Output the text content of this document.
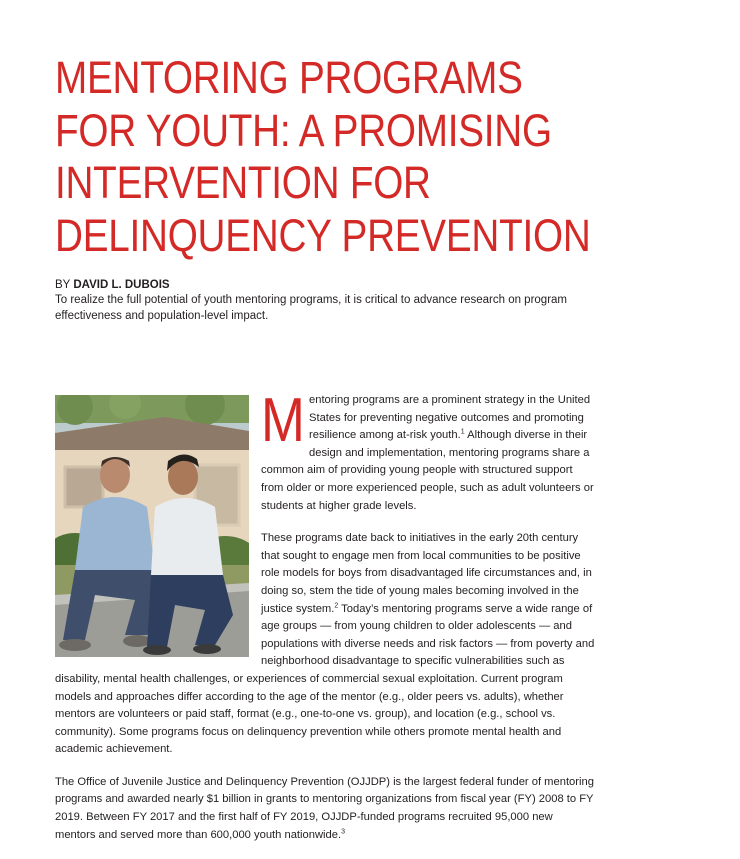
MENTORING PROGRAMS
FOR YOUTH: A PROMISING
INTERVENTION FOR
DELINQUENCY PREVENTION
BY DAVID L. DUBOIS
To realize the full potential of youth mentoring programs, it is critical to advance research on program effectiveness and population-level impact.
M entoring programs are a prominent strategy in the United States for preventing negative outcomes and promoting resilience among at-risk youth.$^1$ Although diverse in their design and implementation, mentoring programs share a common aim of providing young people with structured support from older or more experienced people, such as adult volunteers or students at higher grade levels.

These programs date back to initiatives in the early 20th century that sought to engage men from local communities to be positive role models for boys from disadvantaged life circumstances and, in doing so, stem the tide of young males becoming involved in the justice system.$^2$ Today’s mentoring programs serve a wide range of age groups — from young children to older adolescents — and populations with diverse needs and risk factors — from poverty and neighborhood disadvantage to specific vulnerabilities such as disability, mental health challenges, or experiences of commercial sexual exploitation. Current program models and approaches differ according to the age of the mentor (e.g., older peers vs. adults), whether mentors are volunteers or paid staff, format (e.g., one-to-one vs. group), and location (e.g., school vs. community). Some programs focus on delinquency prevention while others promote mental health and academic achievement.

The Office of Juvenile Justice and Delinquency Prevention (OJJDP) is the largest federal funder of mentoring programs and awarded nearly $1 billion in grants to mentoring organizations from fiscal year (FY) 2008 to FY 2019. Between FY 2017 and the first half of FY 2019, OJJDP-funded programs recruited 95,000 new mentors and served more than 600,000 youth nationwide.$^3$
